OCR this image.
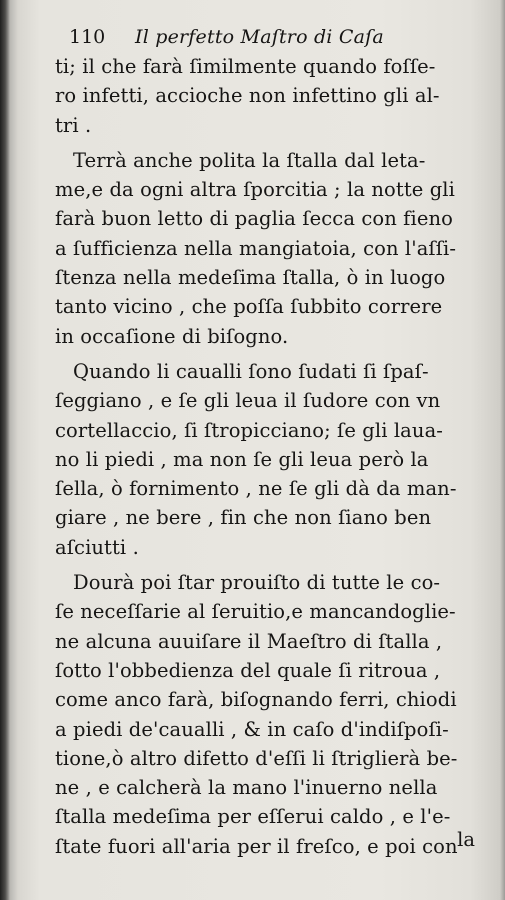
110 Il perfetto Maſtro di Caſa
ti; il che farà ſimilmente quando foſſe-
ro infetti, accioche non infettino gli al-
tri .
Terrà anche polita la ſtalla dal leta-
me,e da ogni altra ſporcitia ; la notte gli
farà buon letto di paglia ſecca con fieno
a ſufficienza nella mangiatoia, con l'aſſi-
ſtenza nella medeſima ſtalla, ò in luogo
tanto vicino , che poſſa ſubbito correre
in occaſione di biſogno.
Quando li caualli ſono ſudati ſi ſpaſ-
ſeggiano , e ſe gli leua il ſudore con vn
cortellaccio, ſi ſtropicciano; ſe gli laua-
no li piedi , ma non ſe gli leua però la
ſella, ò fornimento , ne ſe gli dà da man-
giare , ne bere , fin che non ſiano ben
aſciutti .
Dourà poi ſtar prouiſto di tutte le co-
ſe neceſſarie al ſeruitio,e mancandoglie-
ne alcuna auuiſare il Maeſtro di ſtalla ,
ſotto l'obbedienza del quale ſi ritroua ,
come anco farà, biſognando ferri, chiodi
a piedi de'caualli , & in caſo d'indiſpoſi-
tione,ò altro difetto d'eſſi li ſtriglierà be-
ne , e calcherà la mano l'inuerno nella
ſtalla medeſima per eſſerui caldo , e l'e-
ſtate fuori all'aria per il freſco, e poi con la
